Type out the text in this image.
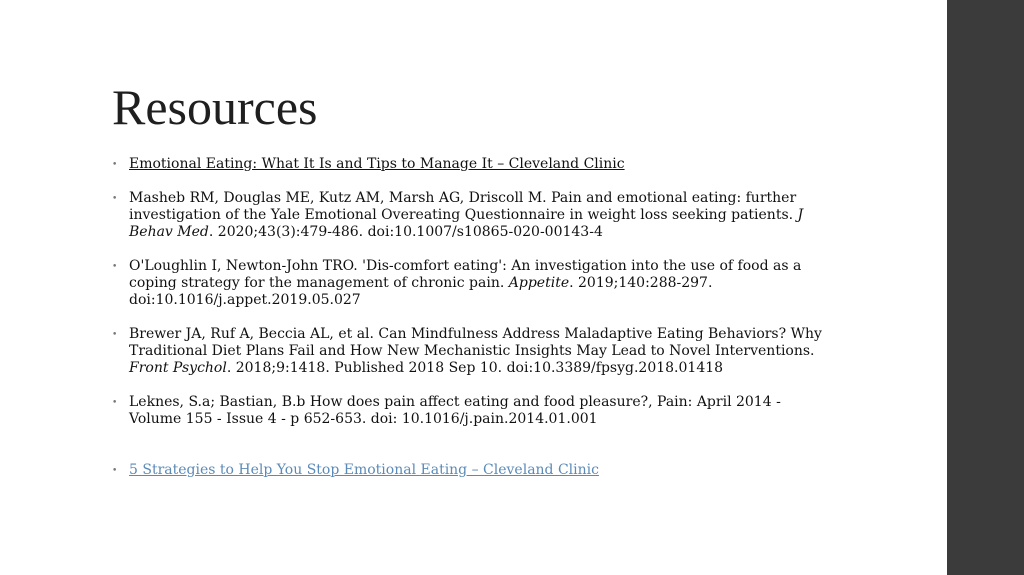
Resources
• Emotional Eating: What It Is and Tips to Manage It – Cleveland Clinic
• Masheb RM, Douglas ME, Kutz AM, Marsh AG, Driscoll M. Pain and emotional eating: further investigation of the Yale Emotional Overeating Questionnaire in weight loss seeking patients. J Behav Med. 2020;43(3):479-486. doi:10.1007/s10865-020-00143-4
• O'Loughlin I, Newton-John TRO. 'Dis-comfort eating': An investigation into the use of food as a coping strategy for the management of chronic pain. Appetite. 2019;140:288-297. doi:10.1016/j.appet.2019.05.027
• Brewer JA, Ruf A, Beccia AL, et al. Can Mindfulness Address Maladaptive Eating Behaviors? Why Traditional Diet Plans Fail and How New Mechanistic Insights May Lead to Novel Interventions. Front Psychol. 2018;9:1418. Published 2018 Sep 10. doi:10.3389/fpsyg.2018.01418
• Leknes, S.a; Bastian, B.b How does pain affect eating and food pleasure?, Pain: April 2014 - Volume 155 - Issue 4 - p 652-653. doi: 10.1016/j.pain.2014.01.001
• 5 Strategies to Help You Stop Emotional Eating – Cleveland Clinic
